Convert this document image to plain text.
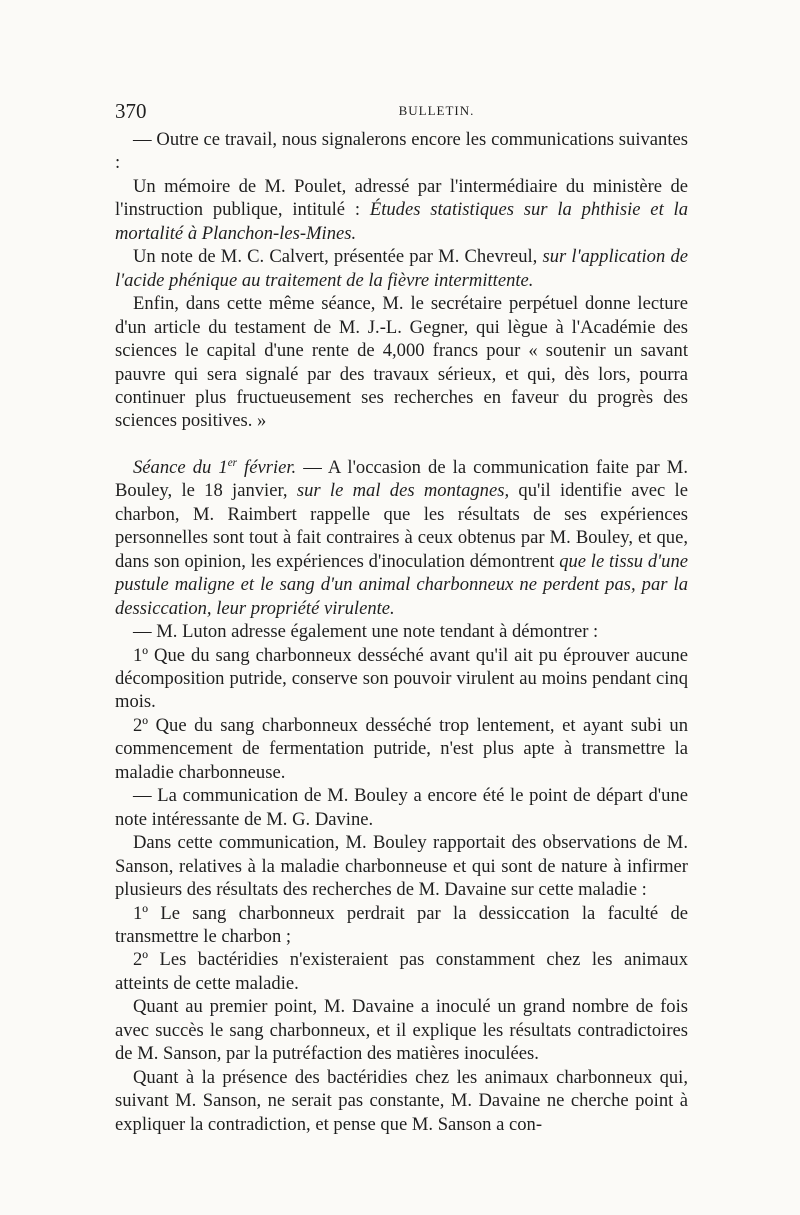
370	BULLETIN.

— Outre ce travail, nous signalerons encore les communications suivantes :

Un mémoire de M. Poulet, adressé par l'intermédiaire du ministère de l'instruction publique, intitulé : Études statistiques sur la phthisie et la mortalité à Planchon-les-Mines.

Un note de M. C. Calvert, présentée par M. Chevreul, sur l'application de l'acide phénique au traitement de la fièvre intermittente.

Enfin, dans cette même séance, M. le secrétaire perpétuel donne lecture d'un article du testament de M. J.-L. Gegner, qui lègue à l'Académie des sciences le capital d'une rente de 4,000 francs pour « soutenir un savant pauvre qui sera signalé par des travaux sérieux, et qui, dès lors, pourra continuer plus fructueusement ses recherches en faveur du progrès des sciences positives. »

Séance du 1er février. — A l'occasion de la communication faite par M. Bouley, le 18 janvier, sur le mal des montagnes, qu'il identifie avec le charbon, M. Raimbert rappelle que les résultats de ses expériences personnelles sont tout à fait contraires à ceux obtenus par M. Bouley, et que, dans son opinion, les expériences d'inoculation démontrent que le tissu d'une pustule maligne et le sang d'un animal charbonneux ne perdent pas, par la dessiccation, leur propriété virulente.

— M. Luton adresse également une note tendant à démontrer :

1º Que du sang charbonneux desséché avant qu'il ait pu éprouver aucune décomposition putride, conserve son pouvoir virulent au moins pendant cinq mois.

2º Que du sang charbonneux desséché trop lentement, et ayant subi un commencement de fermentation putride, n'est plus apte à transmettre la maladie charbonneuse.

— La communication de M. Bouley a encore été le point de départ d'une note intéressante de M. G. Davine.

Dans cette communication, M. Bouley rapportait des observations de M. Sanson, relatives à la maladie charbonneuse et qui sont de nature à infirmer plusieurs des résultats des recherches de M. Davaine sur cette maladie :

1º Le sang charbonneux perdrait par la dessiccation la faculté de transmettre le charbon ;

2º Les bactéridies n'existeraient pas constamment chez les animaux atteints de cette maladie.

Quant au premier point, M. Davaine a inoculé un grand nombre de fois avec succès le sang charbonneux, et il explique les résultats contradictoires de M. Sanson, par la putréfaction des matières inoculées.

Quant à la présence des bactéridies chez les animaux charbonneux qui, suivant M. Sanson, ne serait pas constante, M. Davaine ne cherche point à expliquer la contradiction, et pense que M. Sanson a con-
